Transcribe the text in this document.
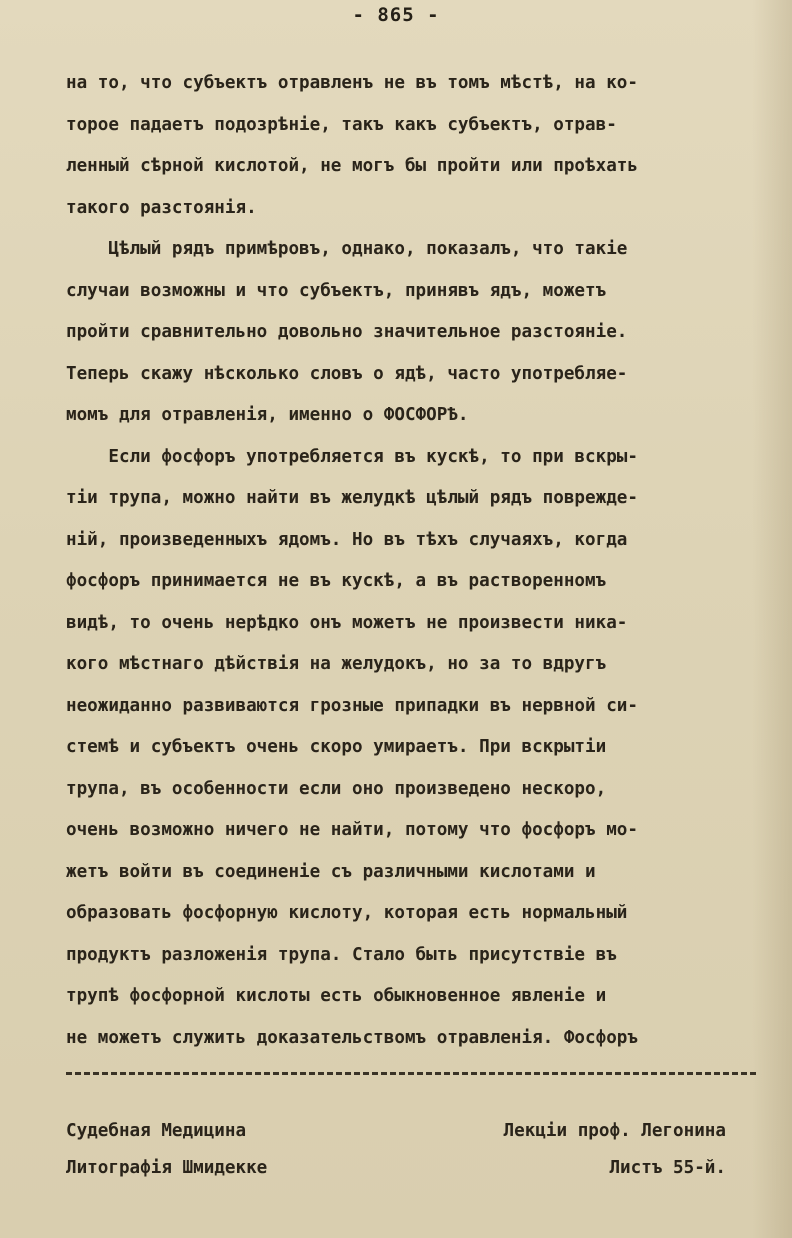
- 865 -
на то, что субъектъ отравленъ не въ томъ мѣстѣ, на ко-
торое падаетъ подозрѣніе, такъ какъ субъектъ, отрав-
ленный сѣрной кислотой, не могъ бы пройти или проѣхать
такого разстоянія.
Цѣлый рядъ примѣровъ, однако, показалъ, что такіе
случаи возможны и что субъектъ, принявъ ядъ, можетъ
пройти сравнительно довольно значительное разстояніе.
Теперь скажу нѣсколько словъ о ядѣ, часто употребляе-
момъ для отравленія, именно о ФОСФОРѢ.
Если фосфоръ употребляется въ кускѣ, то при вскры-
тіи трупа, можно найти въ желудкѣ цѣлый рядъ поврежде-
ній, произведенныхъ ядомъ. Но въ тѣхъ случаяхъ, когда
фосфоръ принимается не въ кускѣ, а въ растворенномъ
видѣ, то очень нерѣдко онъ можетъ не произвести ника-
кого мѣстнаго дѣйствія на желудокъ, но за то вдругъ
неожиданно развиваются грозные припадки въ нервной си-
стемѣ и субъектъ очень скоро умираетъ. При вскрытіи
трупа, въ особенности если оно произведено нескоро,
очень возможно ничего не найти, потому что фосфоръ мо-
жетъ войти въ соединеніе съ различными кислотами и
образовать фосфорную кислоту, которая есть нормальный
продуктъ разложенія трупа. Стало быть присутствіе въ
трупѣ фосфорной кислоты есть обыкновенное явленіе и
не можетъ служить доказательствомъ отравленія. Фосфоръ
Судебная Медицина	Лекціи проф. Легонина
Литографія Шмидекке	Листъ 55-й.
